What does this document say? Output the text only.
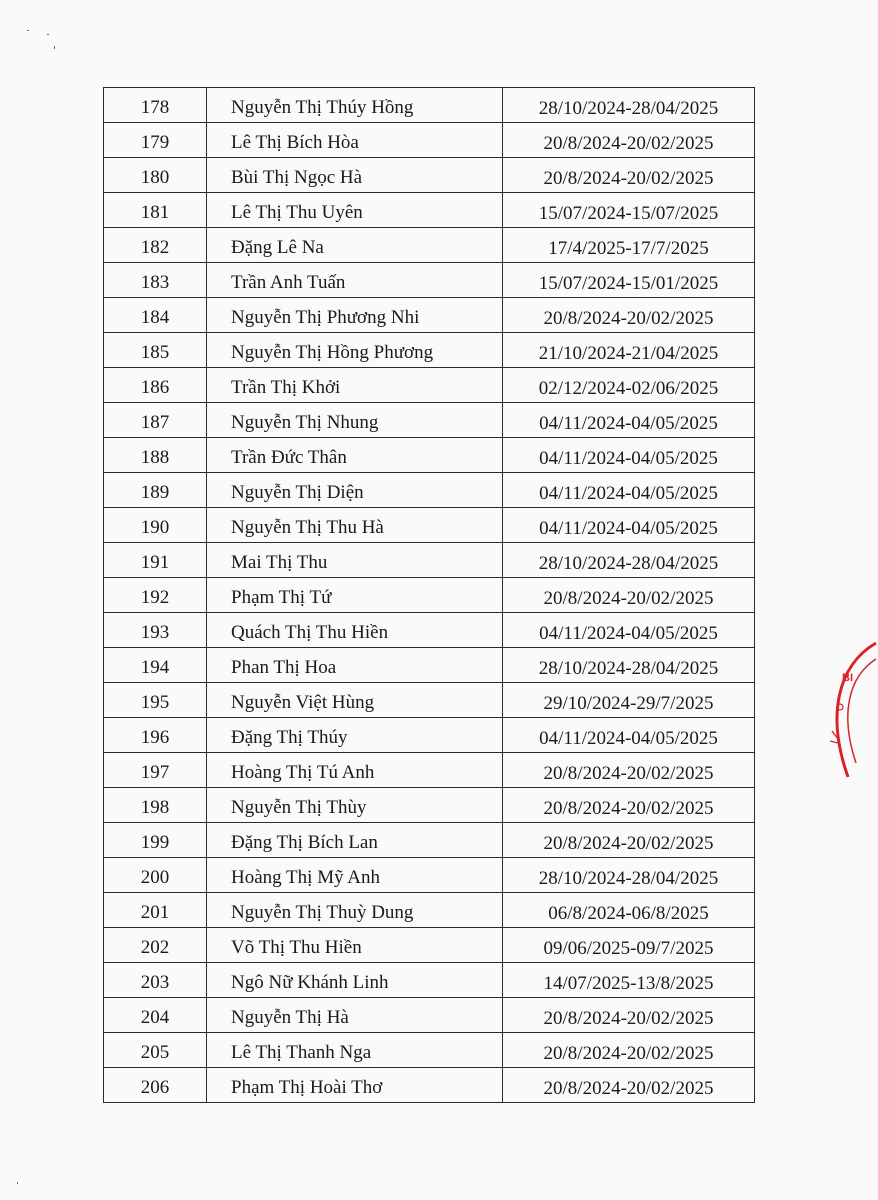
178	Nguyễn Thị Thúy Hồng	28/10/2024-28/04/2025
179	Lê Thị Bích Hòa	20/8/2024-20/02/2025
180	Bùi Thị Ngọc Hà	20/8/2024-20/02/2025
181	Lê Thị Thu Uyên	15/07/2024-15/07/2025
182	Đặng Lê Na	17/4/2025-17/7/2025
183	Trần Anh Tuấn	15/07/2024-15/01/2025
184	Nguyễn Thị Phương Nhi	20/8/2024-20/02/2025
185	Nguyễn Thị Hồng Phương	21/10/2024-21/04/2025
186	Trần Thị Khởi	02/12/2024-02/06/2025
187	Nguyễn Thị Nhung	04/11/2024-04/05/2025
188	Trần Đức Thân	04/11/2024-04/05/2025
189	Nguyễn Thị Diện	04/11/2024-04/05/2025
190	Nguyễn Thị Thu Hà	04/11/2024-04/05/2025
191	Mai Thị Thu	28/10/2024-28/04/2025
192	Phạm Thị Tứ	20/8/2024-20/02/2025
193	Quách Thị Thu Hiền	04/11/2024-04/05/2025
194	Phan Thị Hoa	28/10/2024-28/04/2025
195	Nguyễn Việt Hùng	29/10/2024-29/7/2025
196	Đặng Thị Thúy	04/11/2024-04/05/2025
197	Hoàng Thị Tú Anh	20/8/2024-20/02/2025
198	Nguyễn Thị Thùy	20/8/2024-20/02/2025
199	Đặng Thị Bích Lan	20/8/2024-20/02/2025
200	Hoàng Thị Mỹ Anh	28/10/2024-28/04/2025
201	Nguyễn Thị Thuỳ Dung	06/8/2024-06/8/2025
202	Võ Thị Thu Hiền	09/06/2025-09/7/2025
203	Ngô Nữ Khánh Linh	14/07/2025-13/8/2025
204	Nguyễn Thị Hà	20/8/2024-20/02/2025
205	Lê Thị Thanh Nga	20/8/2024-20/02/2025
206	Phạm Thị Hoài Thơ	20/8/2024-20/02/2025
BI
